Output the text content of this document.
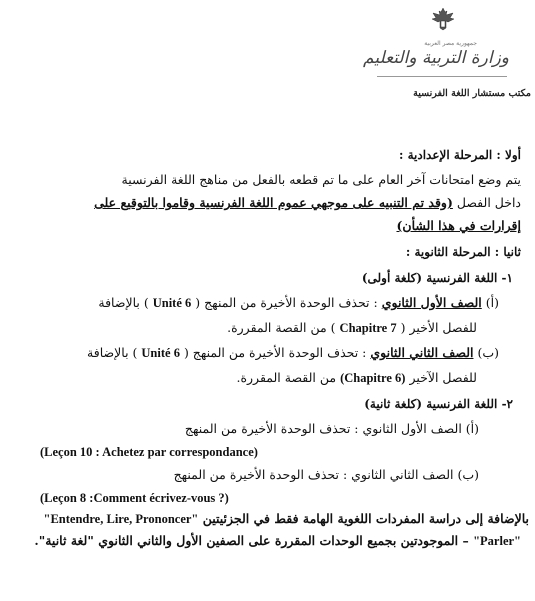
جمهورية مصر العربية
وزارة التربية والتعليم
مكتب مستشار اللغة الفرنسية
أولا : المرحلة الإعدادية :
يتم وضع امتحانات آخر العام على ما تم قطعه بالفعل من مناهج اللغة الفرنسية
داخل الفصل (وقد تم التنبيه على موجهي عموم اللغة الفرنسية وقاموا بالتوقيع على
إقرارات في هذا الشأن)
ثانيا : المرحلة الثانوية :
١- اللغة الفرنسية (كلغة أولى)
(أ) الصف الأول الثانوي : تحذف الوحدة الأخيرة من المنهج ( Unité 6 ) بالإضافة
للفصل الأخير ( Chapitre 7 ) من القصة المقررة.
(ب) الصف الثاني الثانوي : تحذف الوحدة الأخيرة من المنهج ( Unité 6 ) بالإضافة
للفصل الآخير (Chapitre 6) من القصة المقررة.
٢- اللغة الفرنسية (كلغة ثانية)
(أ) الصف الأول الثانوي : تحذف الوحدة الأخيرة من المنهج
(Leçon 10 : Achetez par correspondance)
(ب) الصف الثاني الثانوي : تحذف الوحدة الأخيرة من المنهج
(Leçon 8 :Comment écrivez-vous ?)
بالإضافة إلى دراسة المفردات اللغوية الهامة فقط في الجزئيتين "Entendre, Lire, Prononcer"
"Parler" – الموجودتين بجميع الوحدات المقررة على الصفين الأول والثاني الثانوي "لغة ثانية".
